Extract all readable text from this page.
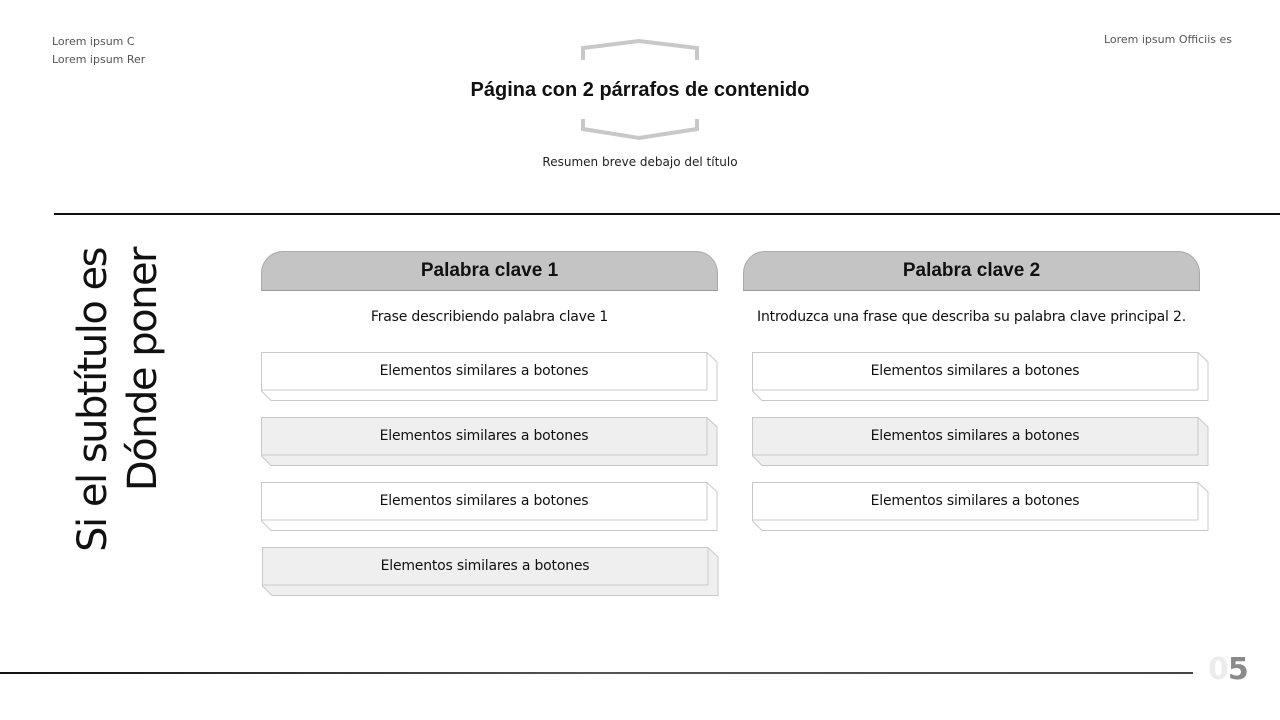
Lorem ipsum C
Lorem ipsum Rer
Lorem ipsum Officiis es
Página con 2 párrafos de contenido
Resumen breve debajo del título
Si el subtítulo es Dónde poner	Palabra clave 1
Frase describiendo palabra clave 1
Elementos similares a botones
Elementos similares a botones
Elementos similares a botones
Elementos similares a botones
Palabra clave 2
Introduzca una frase que describa su palabra clave principal 2.
Elementos similares a botones
Elementos similares a botones
Elementos similares a botones
05
